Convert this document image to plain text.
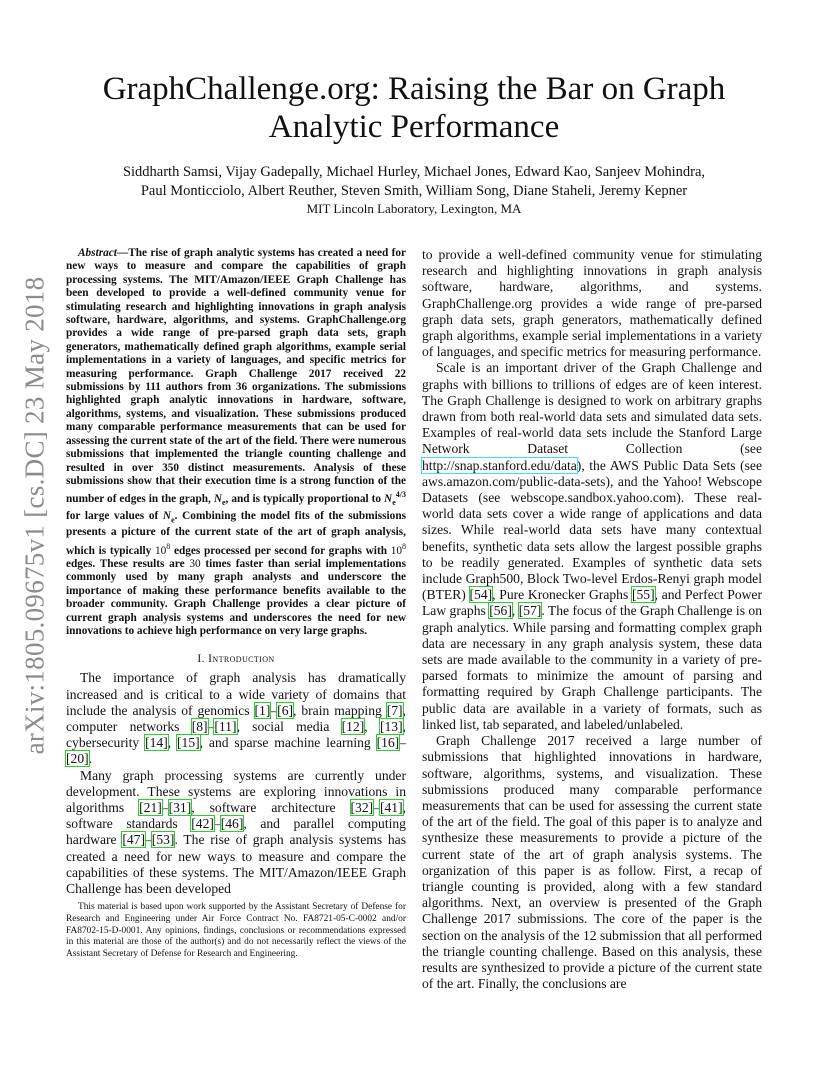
arXiv:1805.09675v1 [cs.DC] 23 May 2018
GraphChallenge.org: Raising the Bar on Graph Analytic Performance
Siddharth Samsi, Vijay Gadepally, Michael Hurley, Michael Jones, Edward Kao, Sanjeev Mohindra,
Paul Monticciolo, Albert Reuther, Steven Smith, William Song, Diane Staheli, Jeremy Kepner
MIT Lincoln Laboratory, Lexington, MA

Abstract—The rise of graph analytic systems has created a need for new ways to measure and compare the capabilities of graph processing systems. The MIT/Amazon/IEEE Graph Challenge has been developed to provide a well-defined community venue for stimulating research and highlighting innovations in graph analysis software, hardware, algorithms, and systems. GraphChallenge.org provides a wide range of pre-parsed graph data sets, graph generators, mathematically defined graph algorithms, example serial implementations in a variety of languages, and specific metrics for measuring performance. Graph Challenge 2017 received 22 submissions by 111 authors from 36 organizations. The submissions highlighted graph analytic innovations in hardware, software, algorithms, systems, and visualization. These submissions produced many comparable performance measurements that can be used for assessing the current state of the art of the field. There were numerous submissions that implemented the triangle counting challenge and resulted in over 350 distinct measurements. Analysis of these submissions show that their execution time is a strong function of the number of edges in the graph, $N_e$, and is typically proportional to $N_e^{4/3}$ for large values of $N_e$. Combining the model fits of the submissions presents a picture of the current state of the art of graph analysis, which is typically $10^8$ edges processed per second for graphs with $10^8$ edges. These results are 30 times faster than serial implementations commonly used by many graph analysts and underscore the importance of making these performance benefits available to the broader community. Graph Challenge provides a clear picture of current graph analysis systems and underscores the need for new innovations to achieve high performance on very large graphs.

I. Introduction

The importance of graph analysis has dramatically increased and is critical to a wide variety of domains that include the analysis of genomics [1]–[6], brain mapping [7], computer networks [8]–[11], social media [12], [13], cybersecurity [14], [15], and sparse machine learning [16]–[20].

Many graph processing systems are currently under development. These systems are exploring innovations in algorithms [21]–[31], software architecture [32]–[41], software standards [42]–[46], and parallel computing hardware [47]–[53]. The rise of graph analysis systems has created a need for new ways to measure and compare the capabilities of these systems. The MIT/Amazon/IEEE Graph Challenge has been developed

This material is based upon work supported by the Assistant Secretary of Defense for Research and Engineering under Air Force Contract No. FA8721-05-C-0002 and/or FA8702-15-D-0001. Any opinions, findings, conclusions or recommendations expressed in this material are those of the author(s) and do not necessarily reflect the views of the Assistant Secretary of Defense for Research and Engineering.

to provide a well-defined community venue for stimulating research and highlighting innovations in graph analysis software, hardware, algorithms, and systems. GraphChallenge.org provides a wide range of pre-parsed graph data sets, graph generators, mathematically defined graph algorithms, example serial implementations in a variety of languages, and specific metrics for measuring performance.

Scale is an important driver of the Graph Challenge and graphs with billions to trillions of edges are of keen interest. The Graph Challenge is designed to work on arbitrary graphs drawn from both real-world data sets and simulated data sets. Examples of real-world data sets include the Stanford Large Network Dataset Collection (see http://snap.stanford.edu/data), the AWS Public Data Sets (see aws.amazon.com/public-data-sets), and the Yahoo! Webscope Datasets (see webscope.sandbox.yahoo.com). These real-world data sets cover a wide range of applications and data sizes. While real-world data sets have many contextual benefits, synthetic data sets allow the largest possible graphs to be readily generated. Examples of synthetic data sets include Graph500, Block Two-level Erdos-Renyi graph model (BTER) [54], Pure Kronecker Graphs [55], and Perfect Power Law graphs [56], [57]. The focus of the Graph Challenge is on graph analytics. While parsing and formatting complex graph data are necessary in any graph analysis system, these data sets are made available to the community in a variety of pre-parsed formats to minimize the amount of parsing and formatting required by Graph Challenge participants. The public data are available in a variety of formats, such as linked list, tab separated, and labeled/unlabeled.

Graph Challenge 2017 received a large number of submissions that highlighted innovations in hardware, software, algorithms, systems, and visualization. These submissions produced many comparable performance measurements that can be used for assessing the current state of the art of the field. The goal of this paper is to analyze and synthesize these measurements to provide a picture of the current state of the art of graph analysis systems. The organization of this paper is as follow. First, a recap of triangle counting is provided, along with a few standard algorithms. Next, an overview is presented of the Graph Challenge 2017 submissions. The core of the paper is the section on the analysis of the 12 submission that all performed the triangle counting challenge. Based on this analysis, these results are synthesized to provide a picture of the current state of the art. Finally, the conclusions are
